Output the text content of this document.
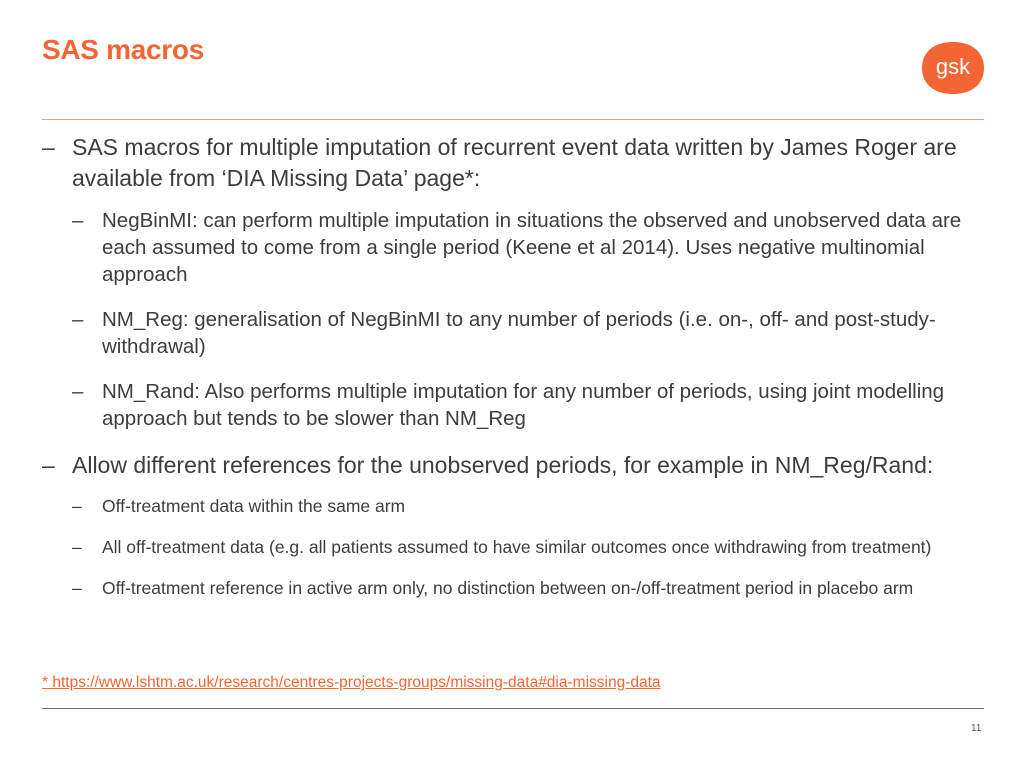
SAS macros
gsk
– SAS macros for multiple imputation of recurrent event data written by James Roger are available from ‘DIA Missing Data’ page*:
– NegBinMI: can perform multiple imputation in situations the observed and unobserved data are each assumed to come from a single period (Keene et al 2014). Uses negative multinomial approach
– NM_Reg: generalisation of NegBinMI to any number of periods (i.e. on-, off- and post-study-withdrawal)
– NM_Rand: Also performs multiple imputation for any number of periods, using joint modelling approach but tends to be slower than NM_Reg
– Allow different references for the unobserved periods, for example in NM_Reg/Rand:
– Off-treatment data within the same arm
– All off-treatment data (e.g. all patients assumed to have similar outcomes once withdrawing from treatment)
– Off-treatment reference in active arm only, no distinction between on-/off-treatment period in placebo arm
* https://www.lshtm.ac.uk/research/centres-projects-groups/missing-data#dia-missing-data
11
